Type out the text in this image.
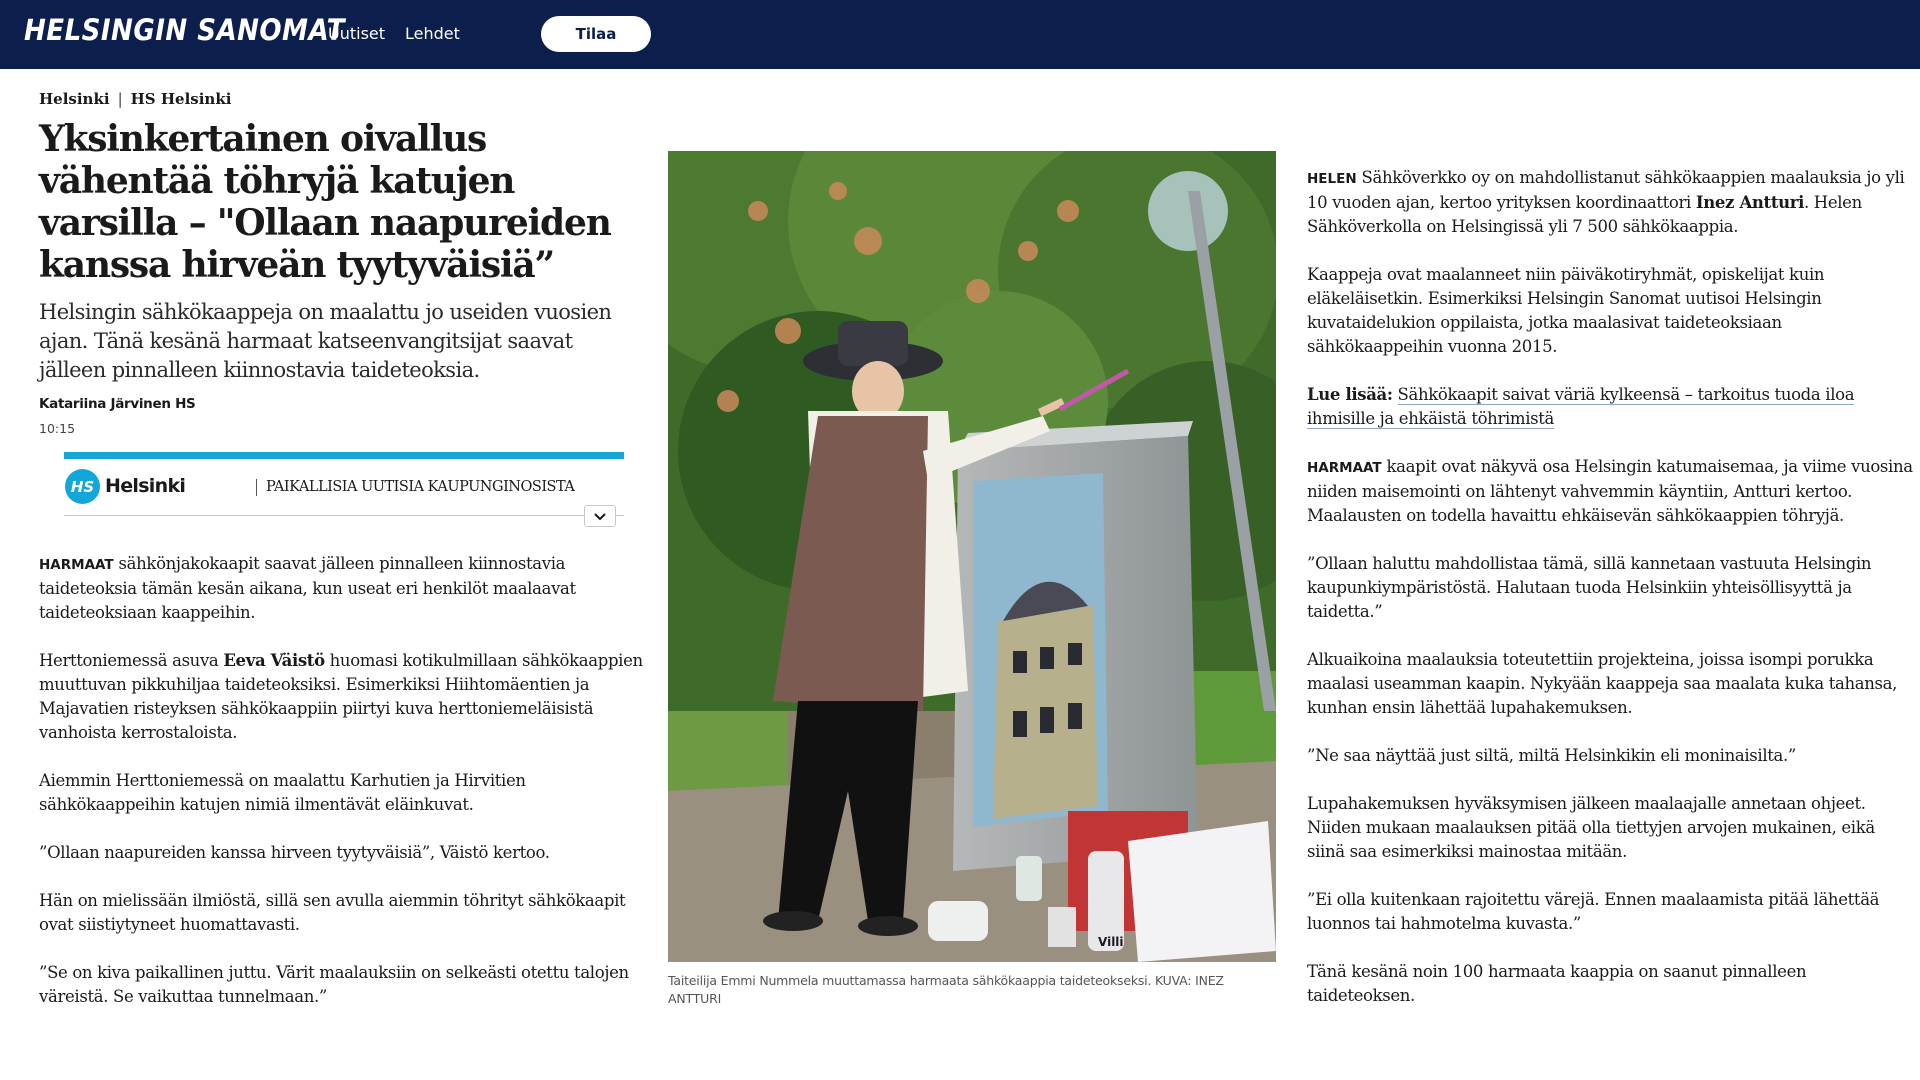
HELSINGIN SANOMAT
Uutiset Lehdet	Tilaa
Helsinki | HS Helsinki
Yksinkertainen oivallus vähentää töhryjä katujen varsilla – "Ollaan naapureiden kanssa hirveän tyytyväisiä”

Helsingin sähkökaappeja on maalattu jo useiden vuosien ajan. Tänä kesänä harmaat katseenvangitsijat saavat jälleen pinnalleen kiinnostavia taideteoksia.

Katariina Järvinen HS
10:15
HS Helsinki	PAIKALLISIA UUTISIA KAUPUNGINOSISTA

HARMAAT sähkönjakokaapit saavat jälleen pinnalleen kiinnostavia taideteoksia tämän kesän aikana, kun useat eri henkilöt maalaavat taideteoksiaan kaappeihin.

Herttoniemessä asuva Eeva Väistö huomasi kotikulmillaan sähkökaappien muuttuvan pikkuhiljaa taideteoksiksi. Esimerkiksi Hiihtomäentien ja Majavatien risteyksen sähkökaappiin piirtyi kuva herttoniemeläisistä vanhoista kerrostaloista.

Aiemmin Herttoniemessä on maalattu Karhutien ja Hirvitien sähkökaappeihin katujen nimiä ilmentävät eläinkuvat.

”Ollaan naapureiden kanssa hirveen tyytyväisiä”, Väistö kertoo.

Hän on mielissään ilmiöstä, sillä sen avulla aiemmin töhrityt sähkökaapit ovat siistiytyneet huomattavasti.

”Se on kiva paikallinen juttu. Värit maalauksiin on selkeästi otettu talojen väreistä. Se vaikuttaa tunnelmaan.”

Villi
Taiteilija Emmi Nummela muuttamassa harmaata sähkökaappia taideteokseksi. KUVA: INEZ ANTTURI

HELEN Sähköverkko oy on mahdollistanut sähkökaappien maalauksia jo yli 10 vuoden ajan, kertoo yrityksen koordinaattori Inez Antturi. Helen Sähköverkolla on Helsingissä yli 7 500 sähkökaappia.

Kaappeja ovat maalanneet niin päiväkotiryhmät, opiskelijat kuin eläkeläisetkin. Esimerkiksi Helsingin Sanomat uutisoi Helsingin kuvataidelukion oppilaista, jotka maalasivat taideteoksiaan sähkökaappeihin vuonna 2015.

Lue lisää: Sähkökaapit saivat väriä kylkeensä – tarkoitus tuoda iloa ihmisille ja ehkäistä töhrimistä

HARMAAT kaapit ovat näkyvä osa Helsingin katumaisemaa, ja viime vuosina niiden maisemointi on lähtenyt vahvemmin käyntiin, Antturi kertoo. Maalausten on todella havaittu ehkäisevän sähkökaappien töhryjä.

”Ollaan haluttu mahdollistaa tämä, sillä kannetaan vastuuta Helsingin kaupunkiympäristöstä. Halutaan tuoda Helsinkiin yhteisöllisyyttä ja taidetta.”

Alkuaikoina maalauksia toteutettiin projekteina, joissa isompi porukka maalasi useamman kaapin. Nykyään kaappeja saa maalata kuka tahansa, kunhan ensin lähettää lupahakemuksen.

”Ne saa näyttää just siltä, miltä Helsinkikin eli moninaisilta.”

Lupahakemuksen hyväksymisen jälkeen maalaajalle annetaan ohjeet. Niiden mukaan maalauksen pitää olla tiettyjen arvojen mukainen, eikä siinä saa esimerkiksi mainostaa mitään.

”Ei olla kuitenkaan rajoitettu värejä. Ennen maalaamista pitää lähettää luonnos tai hahmotelma kuvasta.”

Tänä kesänä noin 100 harmaata kaappia on saanut pinnalleen taideteoksen.
